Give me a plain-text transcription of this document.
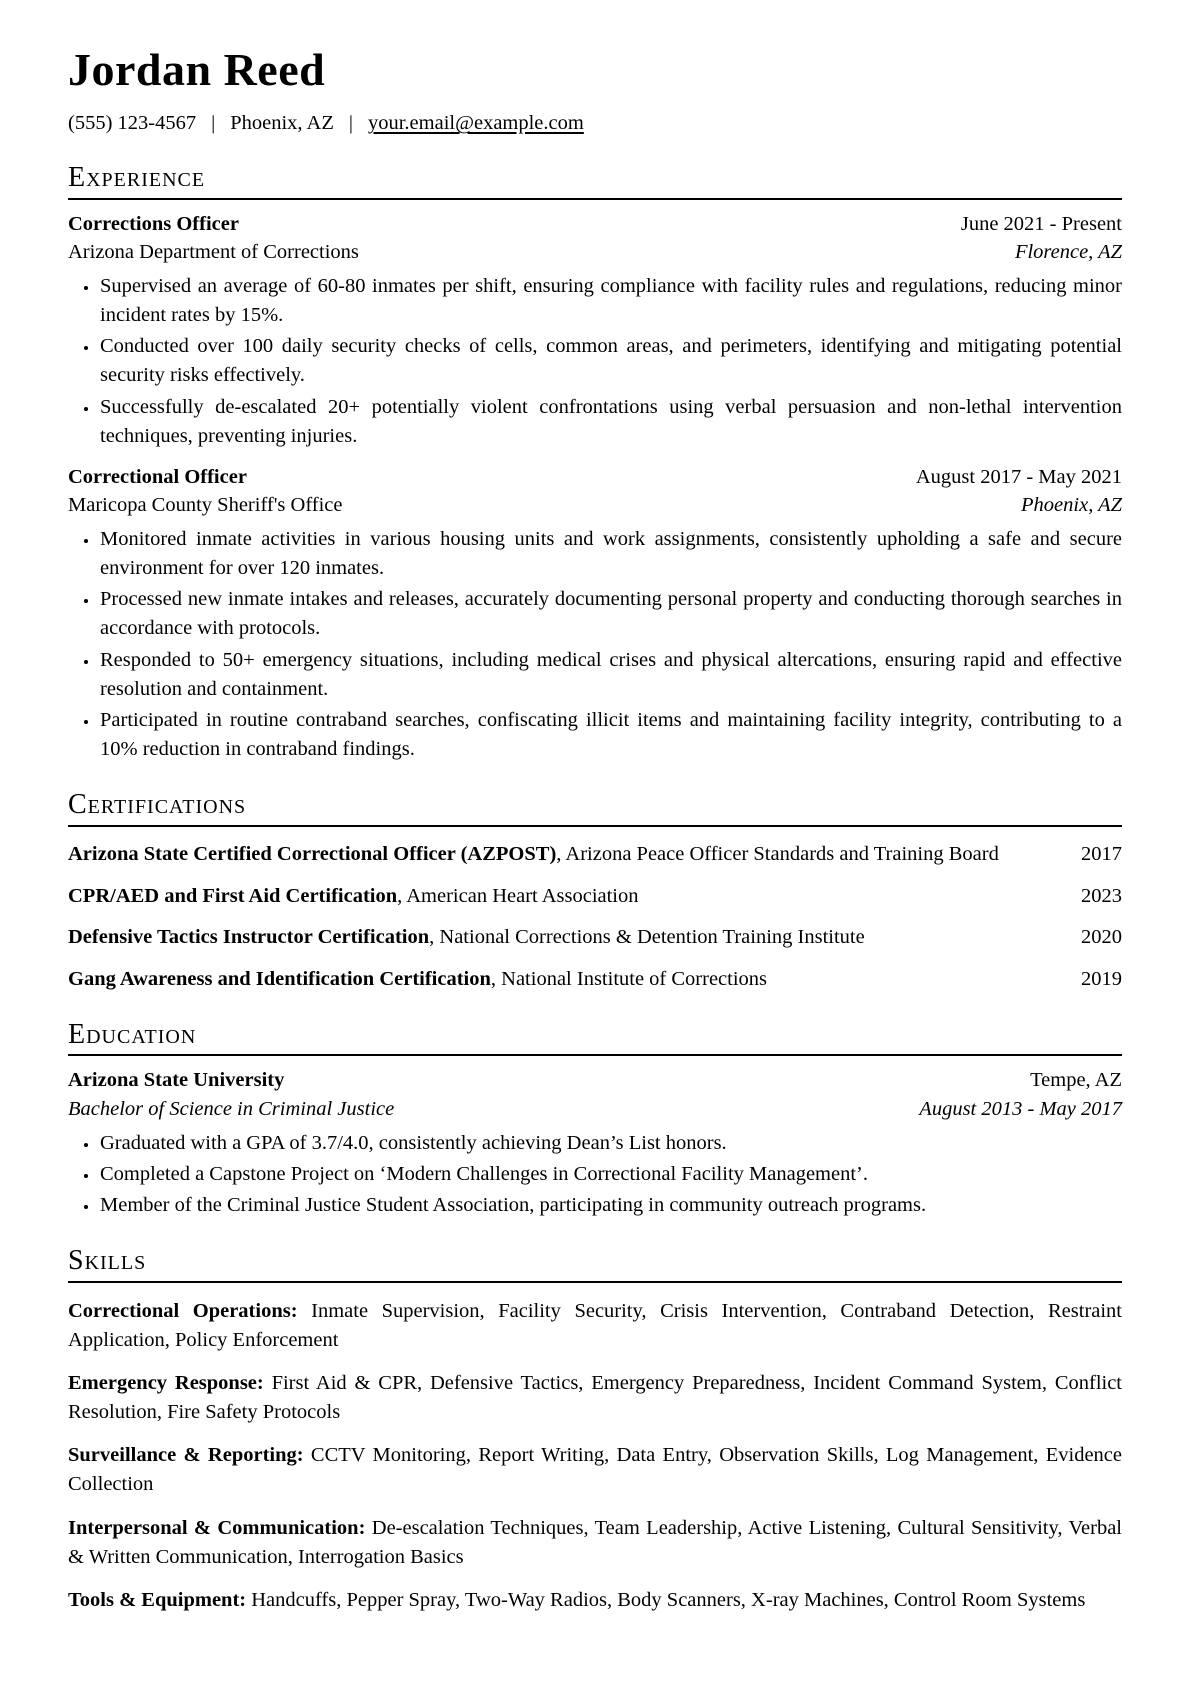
Jordan Reed
(555) 123-4567 | Phoenix, AZ | your.email@example.com
Experience
Corrections Officer	June 2021 - Present
Arizona Department of Corrections	Florence, AZ
• Supervised an average of 60-80 inmates per shift, ensuring compliance with facility rules and regulations, reducing minor incident rates by 15%.
• Conducted over 100 daily security checks of cells, common areas, and perimeters, identifying and mitigating potential security risks effectively.
• Successfully de-escalated 20+ potentially violent confrontations using verbal persuasion and non-lethal intervention techniques, preventing injuries.
Correctional Officer	August 2017 - May 2021
Maricopa County Sheriff's Office	Phoenix, AZ
• Monitored inmate activities in various housing units and work assignments, consistently upholding a safe and secure environment for over 120 inmates.
• Processed new inmate intakes and releases, accurately documenting personal property and conducting thorough searches in accordance with protocols.
• Responded to 50+ emergency situations, including medical crises and physical altercations, ensuring rapid and effective resolution and containment.
• Participated in routine contraband searches, confiscating illicit items and maintaining facility integrity, contributing to a 10% reduction in contraband findings.
Certifications
Arizona State Certified Correctional Officer (AZPOST), Arizona Peace Officer Standards and Training Board	2017
CPR/AED and First Aid Certification, American Heart Association	2023
Defensive Tactics Instructor Certification, National Corrections & Detention Training Institute	2020
Gang Awareness and Identification Certification, National Institute of Corrections	2019
Education
Arizona State University	Tempe, AZ
Bachelor of Science in Criminal Justice	August 2013 - May 2017
• Graduated with a GPA of 3.7/4.0, consistently achieving Dean’s List honors.
• Completed a Capstone Project on ‘Modern Challenges in Correctional Facility Management’.
• Member of the Criminal Justice Student Association, participating in community outreach programs.
Skills

Correctional Operations: Inmate Supervision, Facility Security, Crisis Intervention, Contraband Detection, Restraint Application, Policy Enforcement

Emergency Response: First Aid & CPR, Defensive Tactics, Emergency Preparedness, Incident Command System, Conflict Resolution, Fire Safety Protocols

Surveillance & Reporting: CCTV Monitoring, Report Writing, Data Entry, Observation Skills, Log Management, Evidence Collection

Interpersonal & Communication: De-escalation Techniques, Team Leadership, Active Listening, Cultural Sensitivity, Verbal & Written Communication, Interrogation Basics

Tools & Equipment: Handcuffs, Pepper Spray, Two-Way Radios, Body Scanners, X-ray Machines, Control Room Systems
